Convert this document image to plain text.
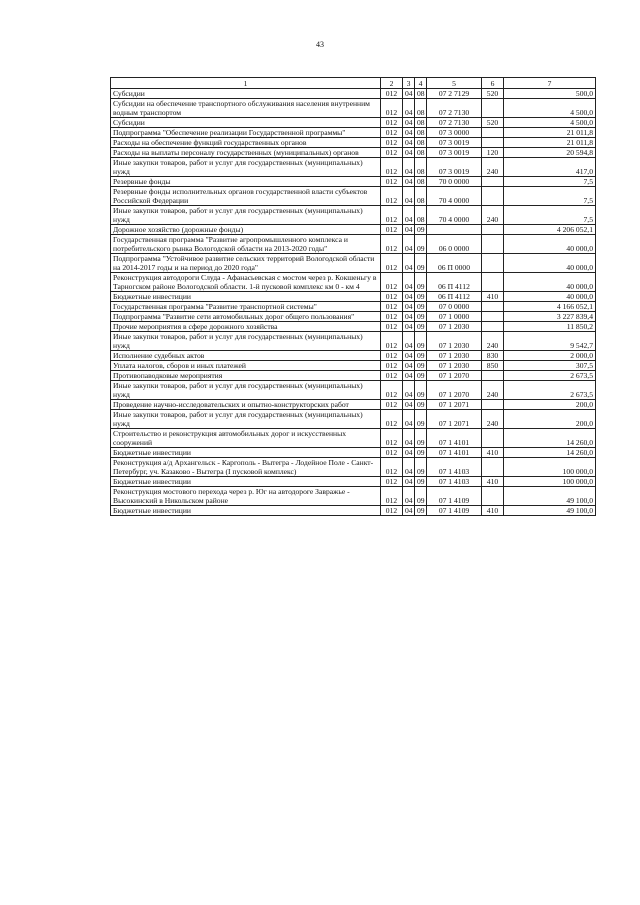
43
1	2	3	4	5	6	7
Субсидии	012	04	08	07 2 7129	520	500,0
Субсидии на обеспечение транспортного обслуживания населения внутренним водным транспортом	012	04	08	07 2 7130		4 500,0
Субсидии	012	04	08	07 2 7130	520	4 500,0
Подпрограмма "Обеспечение реализации Государственной программы"	012	04	08	07 3 0000		21 011,8
Расходы на обеспечение функций государственных органов	012	04	08	07 3 0019		21 011,8
Расходы на выплаты персоналу государственных (муниципальных) органов	012	04	08	07 3 0019	120	20 594,8
Иные закупки товаров, работ и услуг для государственных (муниципальных) нужд	012	04	08	07 3 0019	240	417,0
Резервные фонды	012	04	08	70 0 0000		7,5
Резервные фонды исполнительных органов государственной власти субъектов Российской Федерации	012	04	08	70 4 0000		7,5
Иные закупки товаров, работ и услуг для государственных (муниципальных) нужд	012	04	08	70 4 0000	240	7,5
Дорожное хозяйство (дорожные фонды)	012	04	09			4 206 052,1
Государственная программа "Развитие агропромышленного комплекса и потребительского рынка Вологодской области на 2013-2020 годы"	012	04	09	06 0 0000		40 000,0
Подпрограмма "Устойчивое развитие сельских территорий Вологодской области на 2014-2017 годы и на период до 2020 года"	012	04	09	06 П 0000		40 000,0
Реконструкция автодороги Слуда - Афанасьевская с мостом через р. Кокшеньгу в Тарногском районе Вологодской области. 1-й пусковой комплекс км 0 - км 4	012	04	09	06 П 4112		40 000,0
Бюджетные инвестиции	012	04	09	06 П 4112	410	40 000,0
Государственная программа "Развитие транспортной системы"	012	04	09	07 0 0000		4 166 052,1
Подпрограмма "Развитие сети автомобильных дорог общего пользования"	012	04	09	07 1 0000		3 227 839,4
Прочие мероприятия в сфере дорожного хозяйства	012	04	09	07 1 2030		11 850,2
Иные закупки товаров, работ и услуг для государственных (муниципальных) нужд	012	04	09	07 1 2030	240	9 542,7
Исполнение судебных актов	012	04	09	07 1 2030	830	2 000,0
Уплата налогов, сборов и иных платежей	012	04	09	07 1 2030	850	307,5
Противопаводковые мероприятия	012	04	09	07 1 2070		2 673,5
Иные закупки товаров, работ и услуг для государственных (муниципальных) нужд	012	04	09	07 1 2070	240	2 673,5
Проведение научно-исследовательских и опытно-конструкторских работ	012	04	09	07 1 2071		200,0
Иные закупки товаров, работ и услуг для государственных (муниципальных) нужд	012	04	09	07 1 2071	240	200,0
Строительство и реконструкция автомобильных дорог и искусственных сооружений	012	04	09	07 1 4101		14 260,0
Бюджетные инвестиции	012	04	09	07 1 4101	410	14 260,0
Реконструкция а/д Архангельск - Каргополь - Вытегра - Лодейное Поле - Санкт-Петербург, уч. Казаково - Вытегра (I пусковой комплекс)	012	04	09	07 1 4103		100 000,0
Бюджетные инвестиции	012	04	09	07 1 4103	410	100 000,0
Реконструкция мостового перехода через р. Юг на автодороге Завражье - Высокинский в Никольском районе	012	04	09	07 1 4109		49 100,0
Бюджетные инвестиции	012	04	09	07 1 4109	410	49 100,0
